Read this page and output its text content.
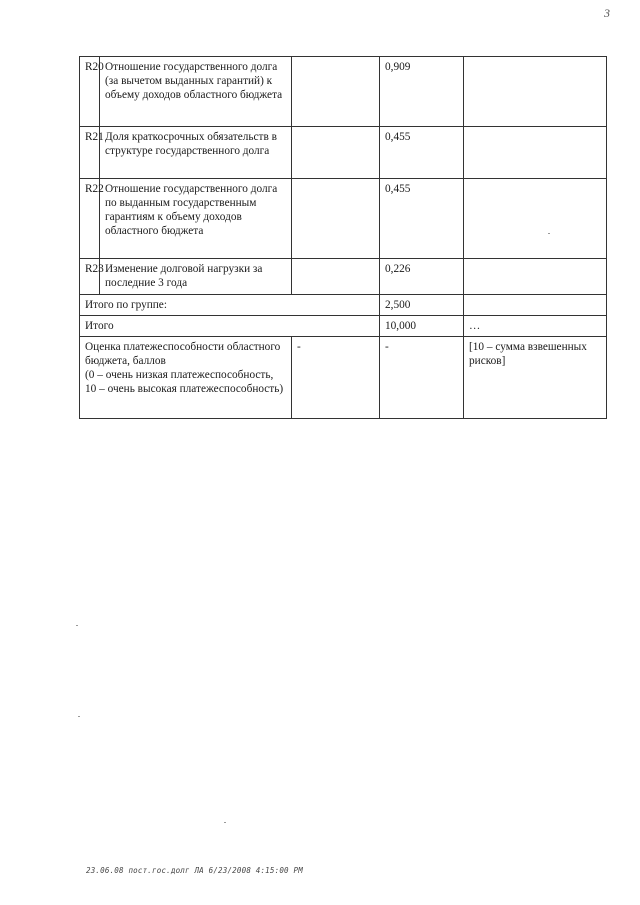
3
R20	Отношение государственного долга (за вычетом выданных гарантий) к объему доходов областного бюджета		0,909	
R21	Доля краткосрочных обязательств в структуре государственного долга		0,455	
R22	Отношение государственного долга по выданным государственным гарантиям к объему доходов областного бюджета		0,455	
R23	Изменение долговой нагрузки за последние 3 года		0,226	
Итого по группе:			2,500	
Итого			10,000	…

Оценка платежеспособности областного бюджета, баллов
(0 – очень низкая платежеспособность, 10 – очень высокая платежеспособность)		-	-	[10 – сумма взвешенных рисков]
23.06.08 пост.гос.долг ЛА 6/23/2008 4:15:00 PM
